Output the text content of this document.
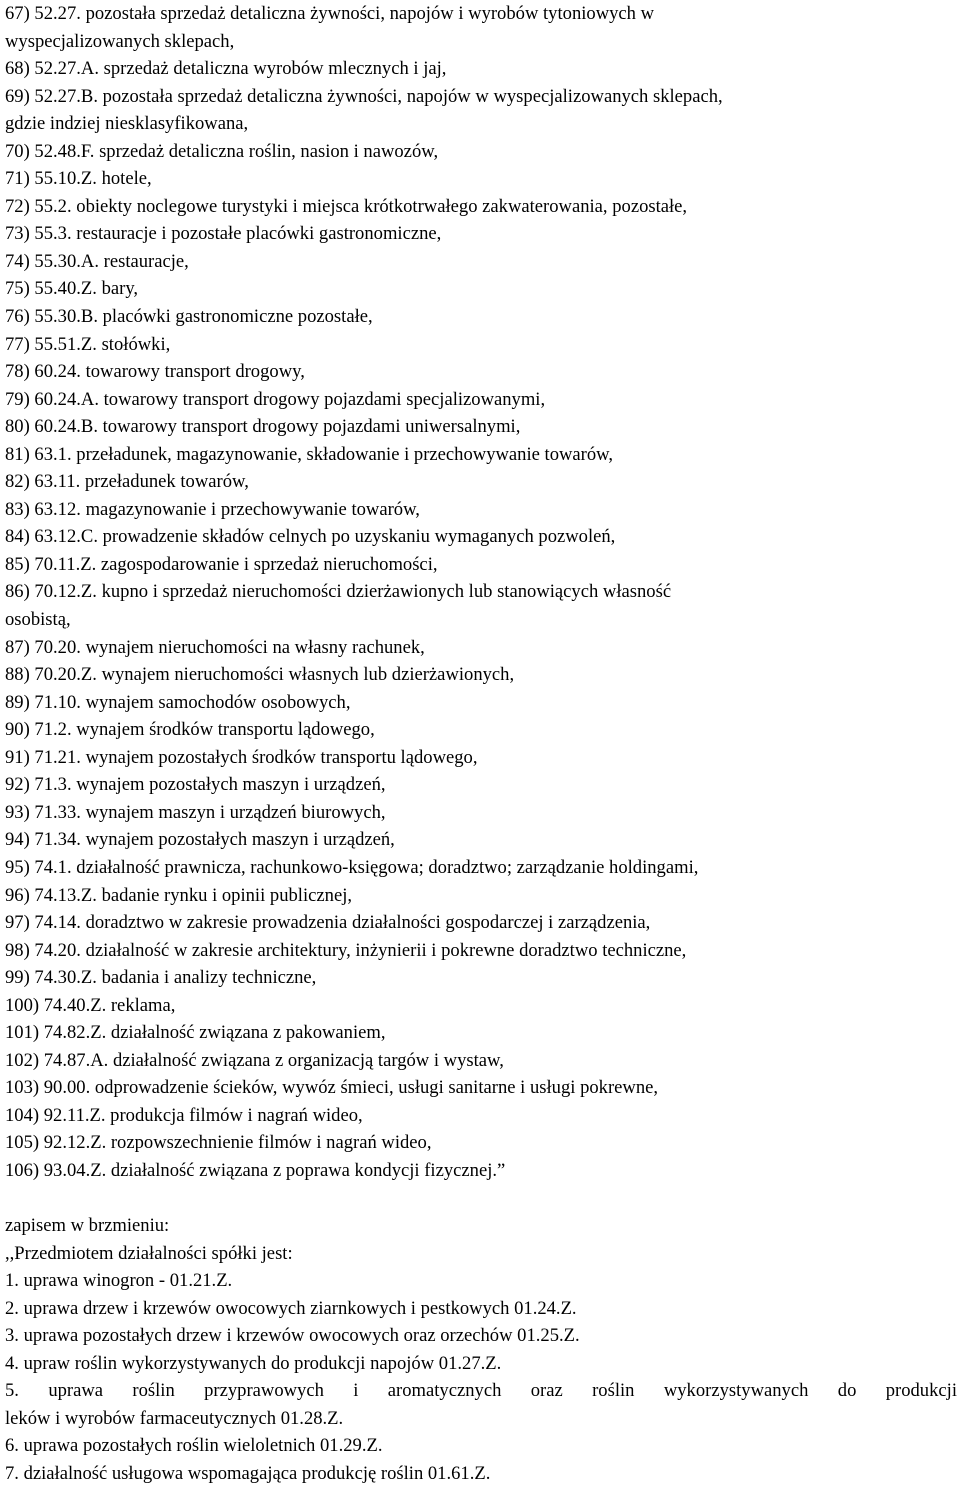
67) 52.27. pozostała sprzedaż detaliczna żywności, napojów i wyrobów tytoniowych w
wyspecjalizowanych sklepach,
68) 52.27.A. sprzedaż detaliczna wyrobów mlecznych i jaj,
69) 52.27.B. pozostała sprzedaż detaliczna żywności, napojów w wyspecjalizowanych sklepach,
gdzie indziej niesklasyfikowana,
70) 52.48.F. sprzedaż detaliczna roślin, nasion i nawozów,
71) 55.10.Z. hotele,
72) 55.2. obiekty noclegowe turystyki i miejsca krótkotrwałego zakwaterowania, pozostałe,
73) 55.3. restauracje i pozostałe placówki gastronomiczne,
74) 55.30.A. restauracje,
75) 55.40.Z. bary,
76) 55.30.B. placówki gastronomiczne pozostałe,
77) 55.51.Z. stołówki,
78) 60.24. towarowy transport drogowy,
79) 60.24.A. towarowy transport drogowy pojazdami specjalizowanymi,
80) 60.24.B. towarowy transport drogowy pojazdami uniwersalnymi,
81) 63.1. przeładunek, magazynowanie, składowanie i przechowywanie towarów,
82) 63.11. przeładunek towarów,
83) 63.12. magazynowanie i przechowywanie towarów,
84) 63.12.C. prowadzenie składów celnych po uzyskaniu wymaganych pozwoleń,
85) 70.11.Z. zagospodarowanie i sprzedaż nieruchomości,
86) 70.12.Z. kupno i sprzedaż nieruchomości dzierżawionych lub stanowiących własność
osobistą,
87) 70.20. wynajem nieruchomości na własny rachunek,
88) 70.20.Z. wynajem nieruchomości własnych lub dzierżawionych,
89) 71.10. wynajem samochodów osobowych,
90) 71.2. wynajem środków transportu lądowego,
91) 71.21. wynajem pozostałych środków transportu lądowego,
92) 71.3. wynajem pozostałych maszyn i urządzeń,
93) 71.33. wynajem maszyn i urządzeń biurowych,
94) 71.34. wynajem pozostałych maszyn i urządzeń,
95) 74.1. działalność prawnicza, rachunkowo-księgowa; doradztwo; zarządzanie holdingami,
96) 74.13.Z. badanie rynku i opinii publicznej,
97) 74.14. doradztwo w zakresie prowadzenia działalności gospodarczej i zarządzenia,
98) 74.20. działalność w zakresie architektury, inżynierii i pokrewne doradztwo techniczne,
99) 74.30.Z. badania i analizy techniczne,
100) 74.40.Z. reklama,
101) 74.82.Z. działalność związana z pakowaniem,
102) 74.87.A. działalność związana z organizacją targów i wystaw,
103) 90.00. odprowadzenie ścieków, wywóz śmieci, usługi sanitarne i usługi pokrewne,
104) 92.11.Z. produkcja filmów i nagrań wideo,
105) 92.12.Z. rozpowszechnienie filmów i nagrań wideo,
106) 93.04.Z. działalność związana z poprawa kondycji fizycznej.”
zapisem w brzmieniu:
,,Przedmiotem działalności spółki jest:
1. uprawa winogron - 01.21.Z.
2. uprawa drzew i krzewów owocowych ziarnkowych i pestkowych 01.24.Z.
3. uprawa pozostałych drzew i krzewów owocowych oraz orzechów 01.25.Z.
4. upraw roślin wykorzystywanych do produkcji napojów 01.27.Z.
5. uprawa roślin przyprawowych i aromatycznych oraz roślin wykorzystywanych do produkcji
leków i wyrobów farmaceutycznych 01.28.Z.
6. uprawa pozostałych roślin wieloletnich 01.29.Z.
7. działalność usługowa wspomagająca produkcję roślin 01.61.Z.
